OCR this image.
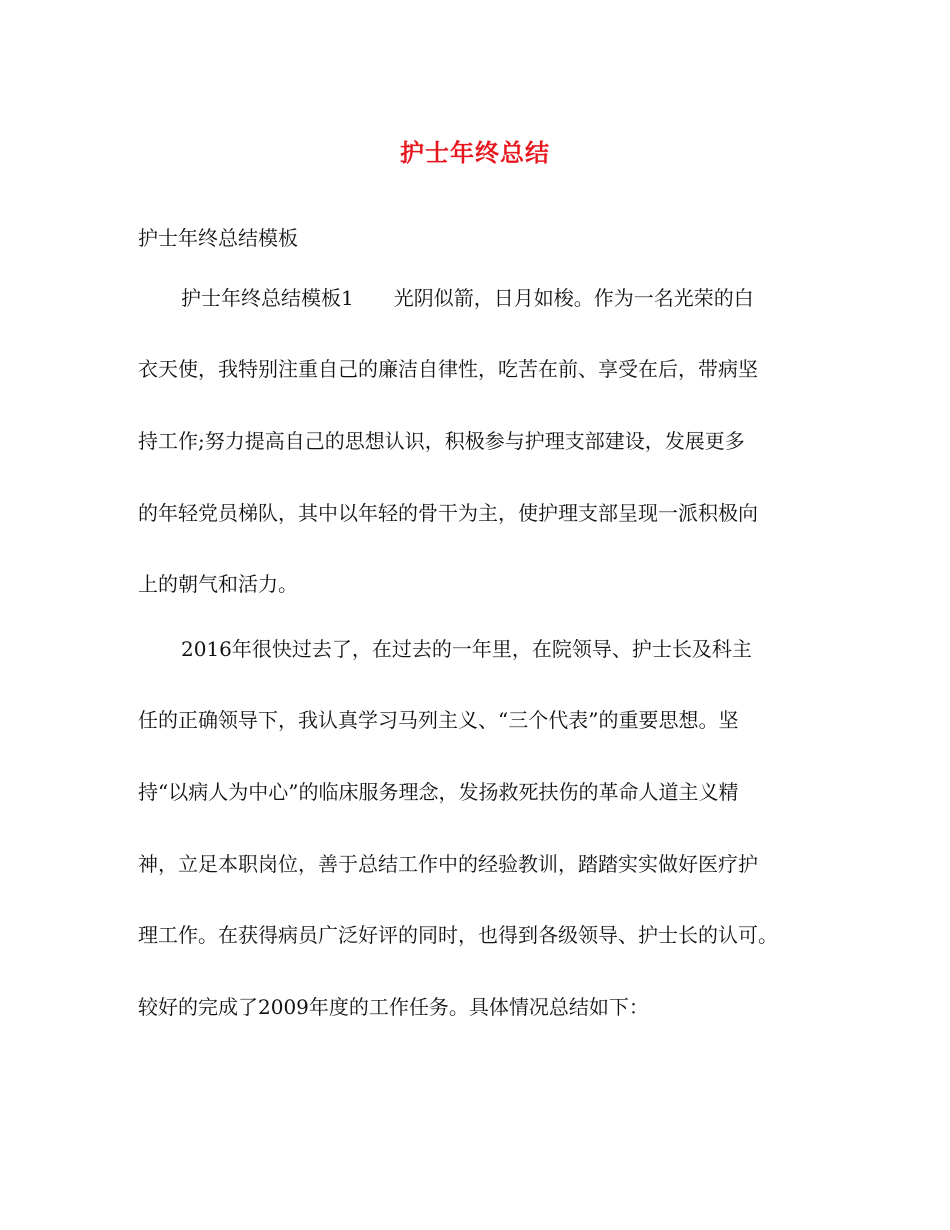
护士年终总结

护士年终总结模板

护士年终总结模板1　　光阴似箭，日月如梭。作为一名光荣的白

衣天使，我特别注重自己的廉洁自律性，吃苦在前、享受在后，带病坚

持工作;努力提高自己的思想认识，积极参与护理支部建设，发展更多

的年轻党员梯队，其中以年轻的骨干为主，使护理支部呈现一派积极向

上的朝气和活力。

2016年很快过去了，在过去的一年里，在院领导、护士长及科主

任的正确领导下，我认真学习马列主义、“三个代表”的重要思想。坚

持“以病人为中心”的临床服务理念，发扬救死扶伤的革命人道主义精

神，立足本职岗位，善于总结工作中的经验教训，踏踏实实做好医疗护

理工作。在获得病员广泛好评的同时，也得到各级领导、护士长的认可。

较好的完成了2009年度的工作任务。具体情况总结如下：
